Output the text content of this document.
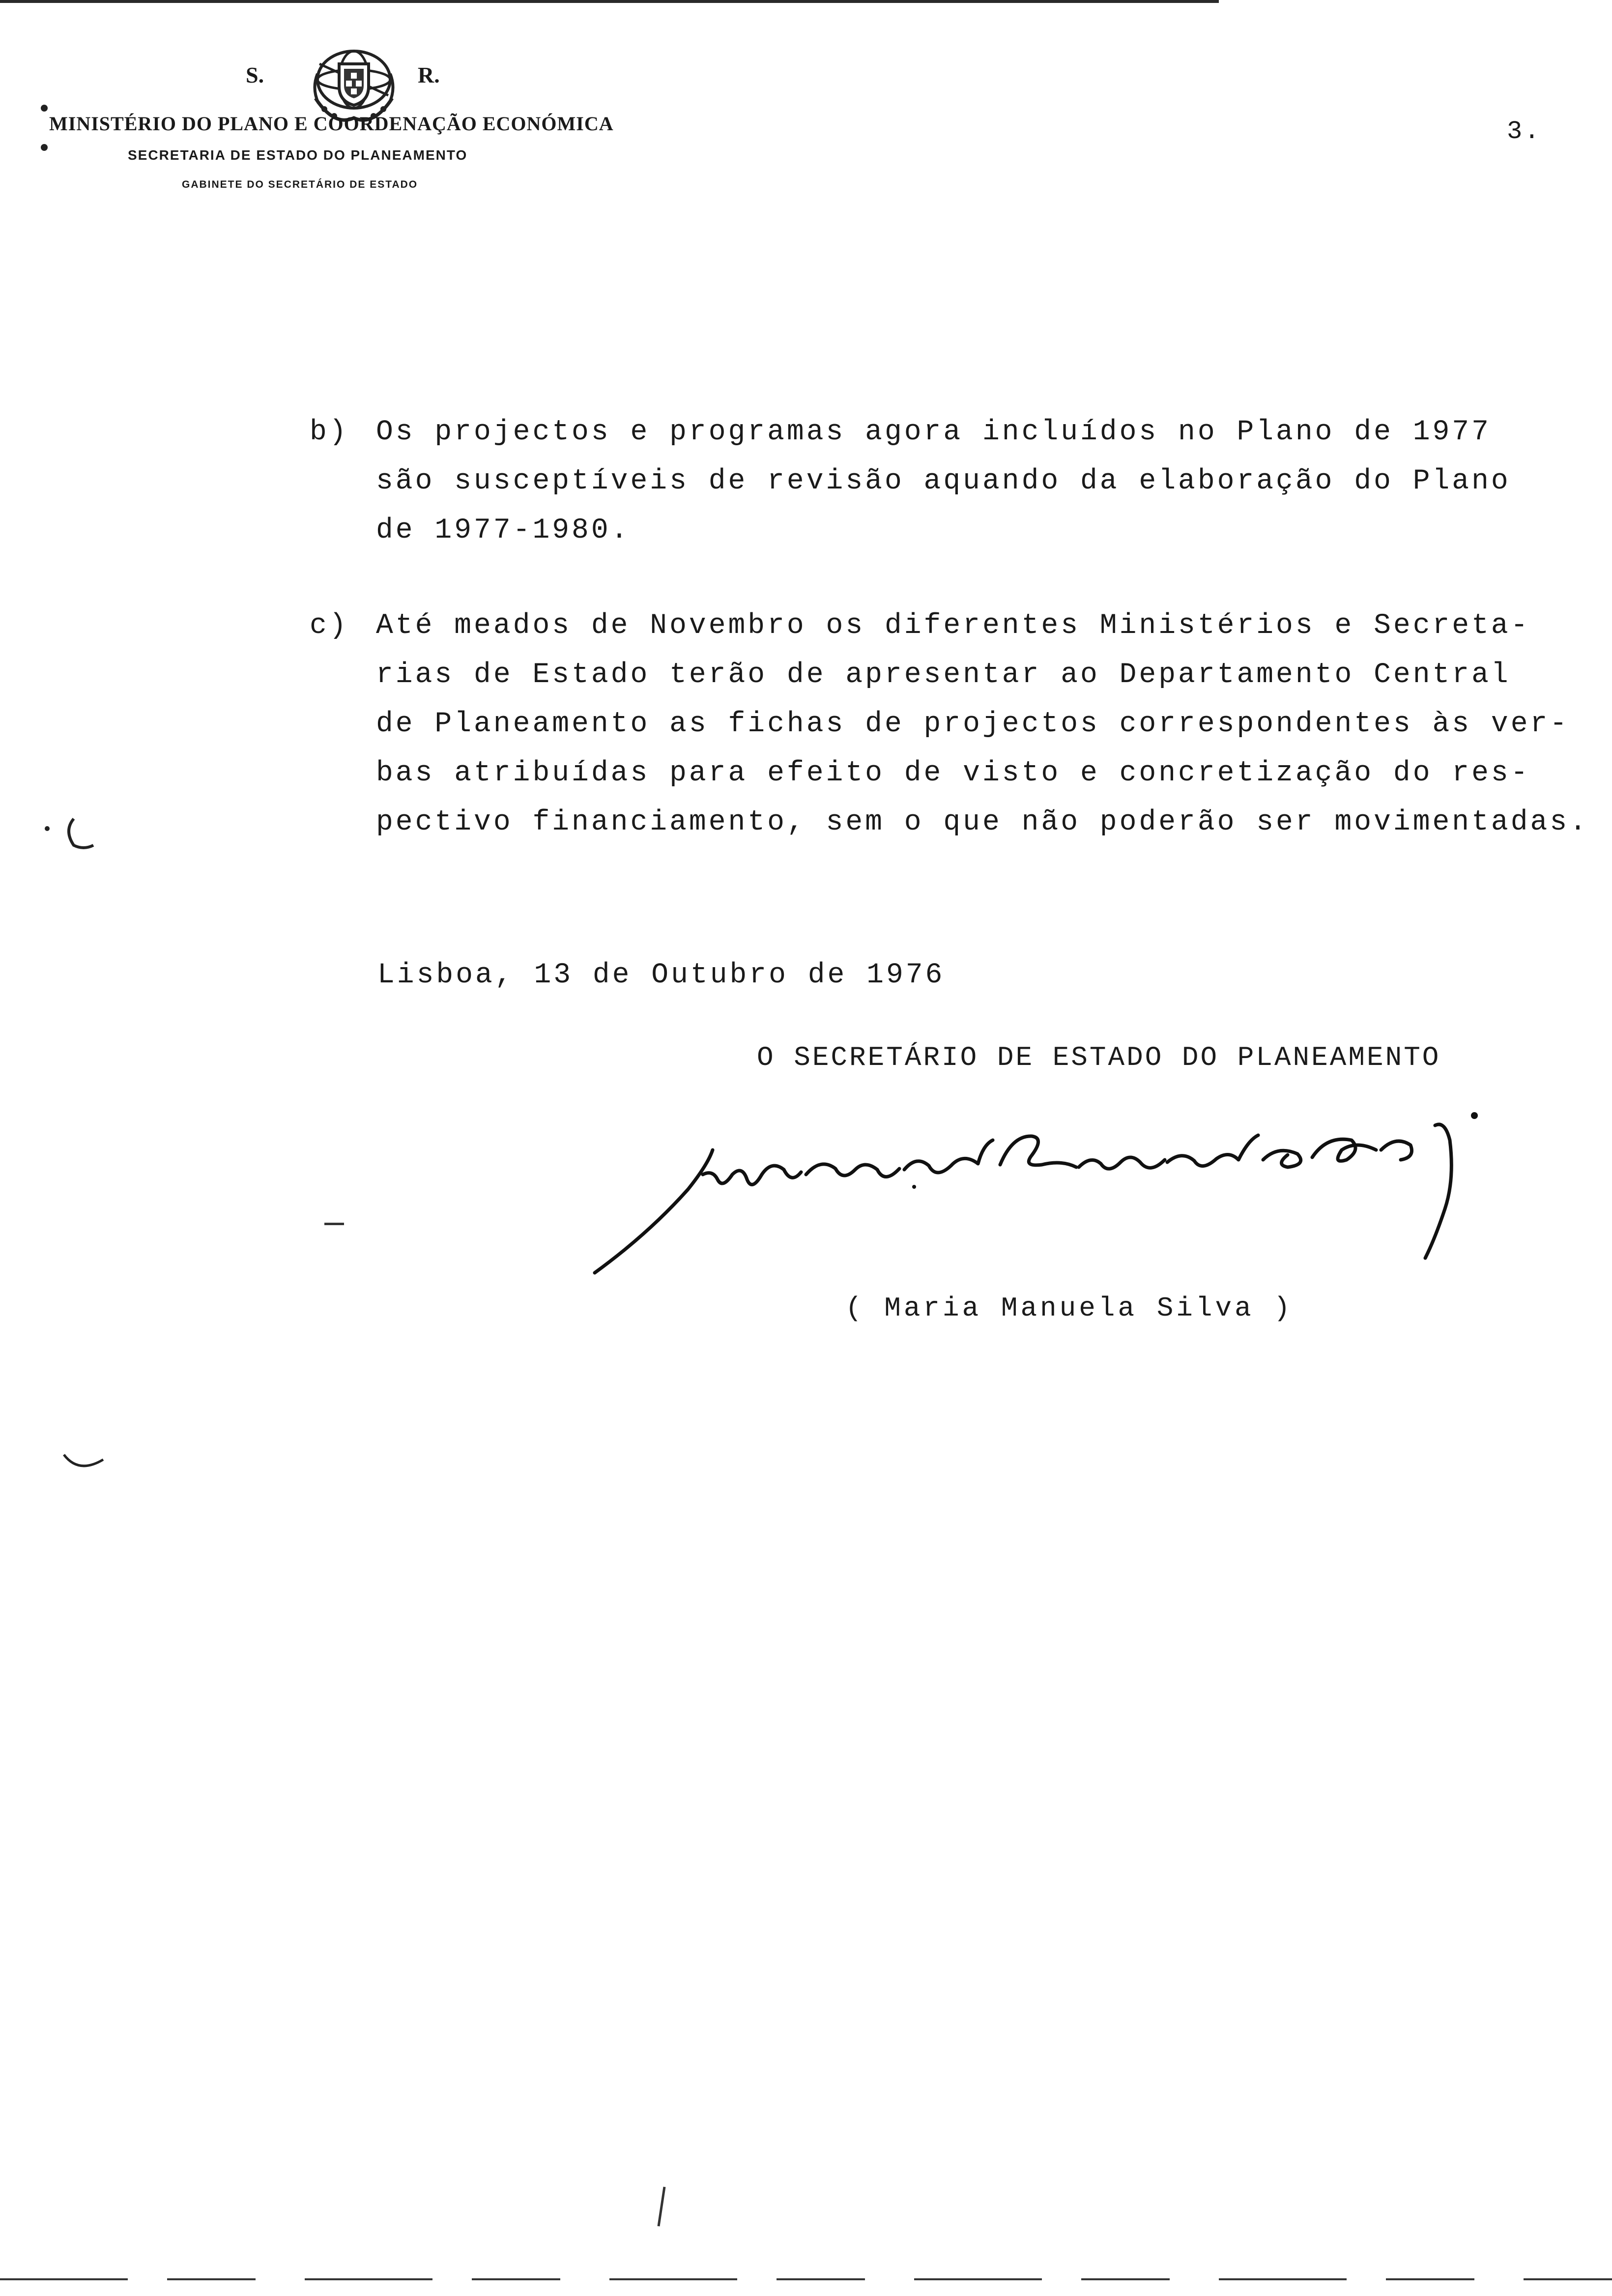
S.	R.
MINISTÉRIO DO PLANO E COORDENAÇÃO ECONÓMICA
SECRETARIA DE ESTADO DO PLANEAMENTO
GABINETE DO SECRETÁRIO DE ESTADO
3.
b) Os projectos e programas agora incluídos no Plano de 1977
são susceptíveis de revisão aquando da elaboração do Plano
de 1977-1980.
c) Até meados de Novembro os diferentes Ministérios e Secreta-
rias de Estado terão de apresentar ao Departamento Central
de Planeamento as fichas de projectos correspondentes às ver-
bas atribuídas para efeito de visto e concretização do res-
pectivo financiamento, sem o que não poderão ser movimentadas.
Lisboa, 13 de Outubro de 1976
O SECRETÁRIO DE ESTADO DO PLANEAMENTO
( Maria Manuela Silva )
